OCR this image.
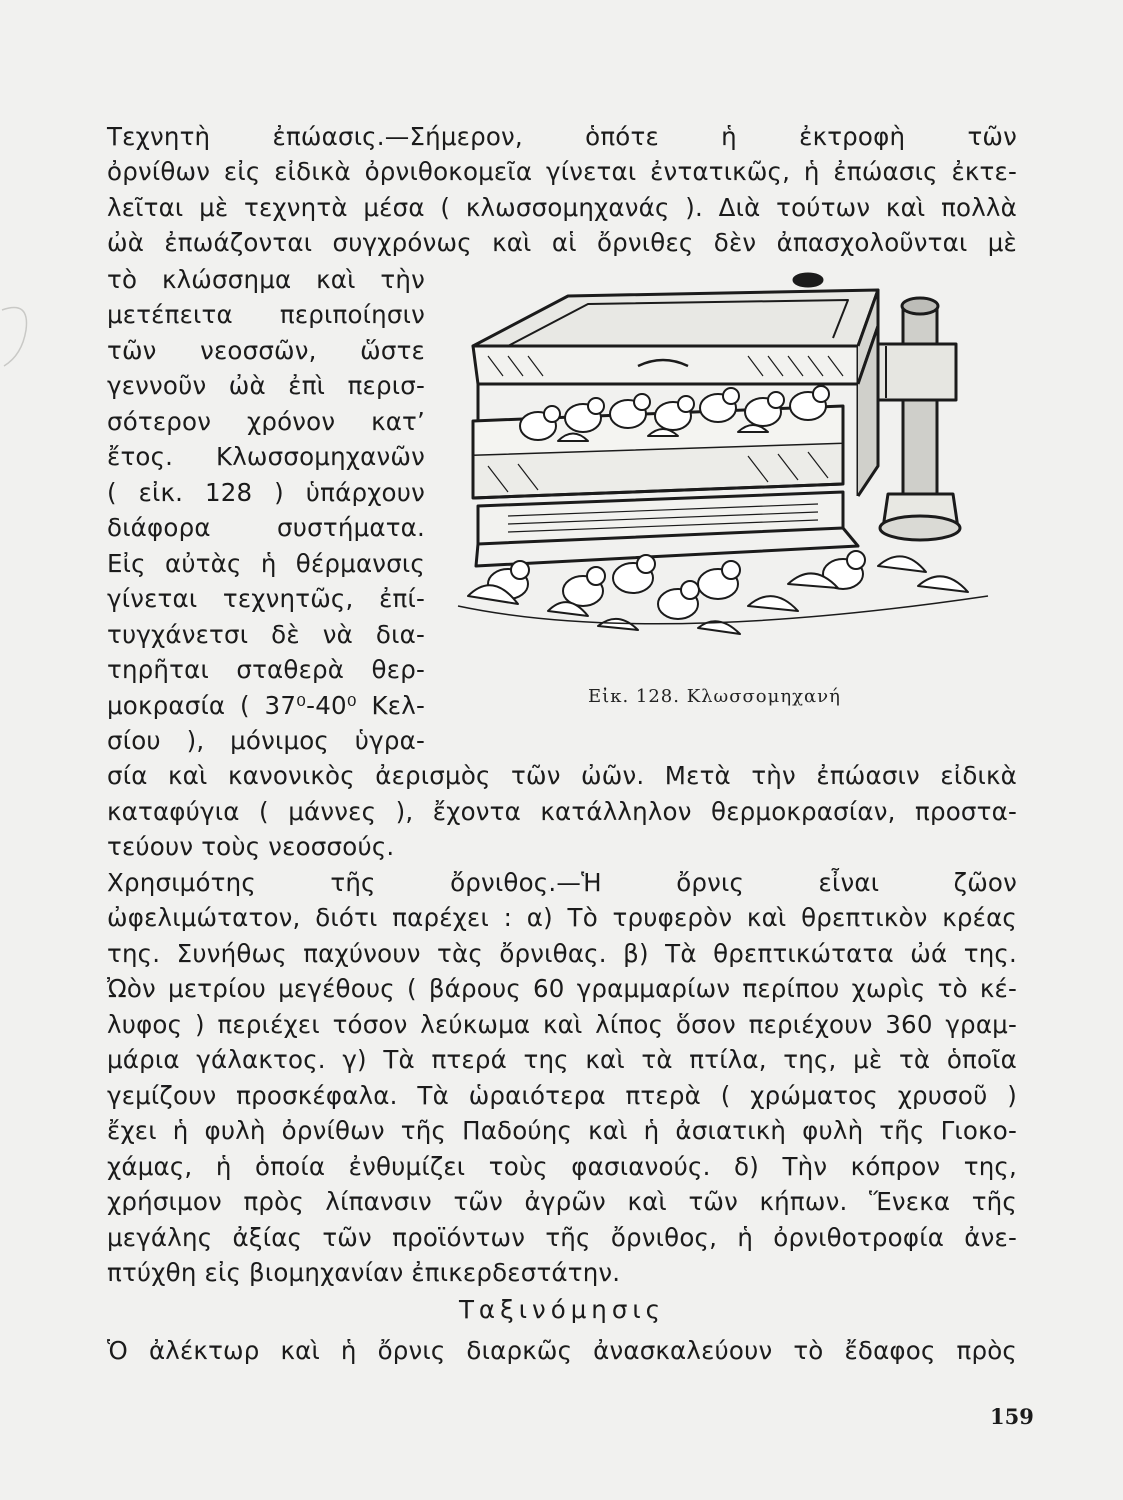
Τεχνητὴ ἐπώασις.—Σήμερον, ὁπότε ἡ ἐκτροφὴ τῶν
ὀρνίθων εἰς εἰδικὰ ὀρνιθοκομεῖα γίνεται ἐντατικῶς, ἡ ἐπώασις ἐκτε-
λεῖται μὲ τεχνητὰ μέσα ( κλωσσομηχανάς ). Διὰ τούτων καὶ πολλὰ
ὠὰ ἐπωάζονται συγχρόνως καὶ αἱ ὄρνιθες δὲν ἀπασχολοῦνται μὲ
τὸ κλώσσημα καὶ τὴν
μετέπειτα περιποίησιν
τῶν νεοσσῶν, ὥστε
γεννοῦν ὠὰ ἐπὶ περισ-
σότερον χρόνον κατ’
ἔτος. Κλωσσομηχανῶν
( εἰκ. 128 ) ὑπάρχουν
διάφορα συστήματα.
Εἰς αὐτὰς ἡ θέρμανσις
γίνεται τεχνητῶς, ἐπί-
τυγχάνετσι δὲ νὰ δια-
τηρῆται σταθερὰ θερ-
μοκρασία ( 37⁰-40⁰ Κελ-
σίου ), μόνιμος ὑγρα-
Εἰκ. 128. Κλωσσομηχανή
σία καὶ κανονικὸς ἀερισμὸς τῶν ὠῶν. Μετὰ τὴν ἐπώασιν εἰδικὰ
καταφύγια ( μάννες ), ἔχοντα κατάλληλον θερμοκρασίαν, προστα-
τεύουν τοὺς νεοσσούς.
Χρησιμότης τῆς ὄρνιθος.—Ἡ ὄρνις εἶναι ζῶον
ὠφελιμώτατον, διότι παρέχει : α) Τὸ τρυφερὸν καὶ θρεπτικὸν κρέας
της. Συνήθως παχύνουν τὰς ὄρνιθας. β) Τὰ θρεπτικώτατα ὠά της.
Ὠὸν μετρίου μεγέθους ( βάρους 60 γραμμαρίων περίπου χωρὶς τὸ κέ-
λυφος ) περιέχει τόσον λεύκωμα καὶ λίπος ὅσον περιέχουν 360 γραμ-
μάρια γάλακτος. γ) Τὰ πτερά της καὶ τὰ πτίλα, της, μὲ τὰ ὁποῖα
γεμίζουν προσκέφαλα. Τὰ ὡραιότερα πτερὰ ( χρώματος χρυσοῦ )
ἔχει ἡ φυλὴ ὀρνίθων τῆς Παδούης καὶ ἡ ἀσιατικὴ φυλὴ τῆς Γιοκο-
χάμας, ἡ ὁποία ἐνθυμίζει τοὺς φασιανούς. δ) Τὴν κόπρον της,
χρήσιμον πρὸς λίπανσιν τῶν ἀγρῶν καὶ τῶν κήπων. Ἕνεκα τῆς
μεγάλης ἀξίας τῶν προϊόντων τῆς ὄρνιθος, ἡ ὀρνιθοτροφία ἀνε-
πτύχθη εἰς βιομηχανίαν ἐπικερδεστάτην.
Ταξινόμησις
Ὁ ἀλέκτωρ καὶ ἡ ὄρνις διαρκῶς ἀνασκαλεύουν τὸ ἔδαφος πρὸς
159
